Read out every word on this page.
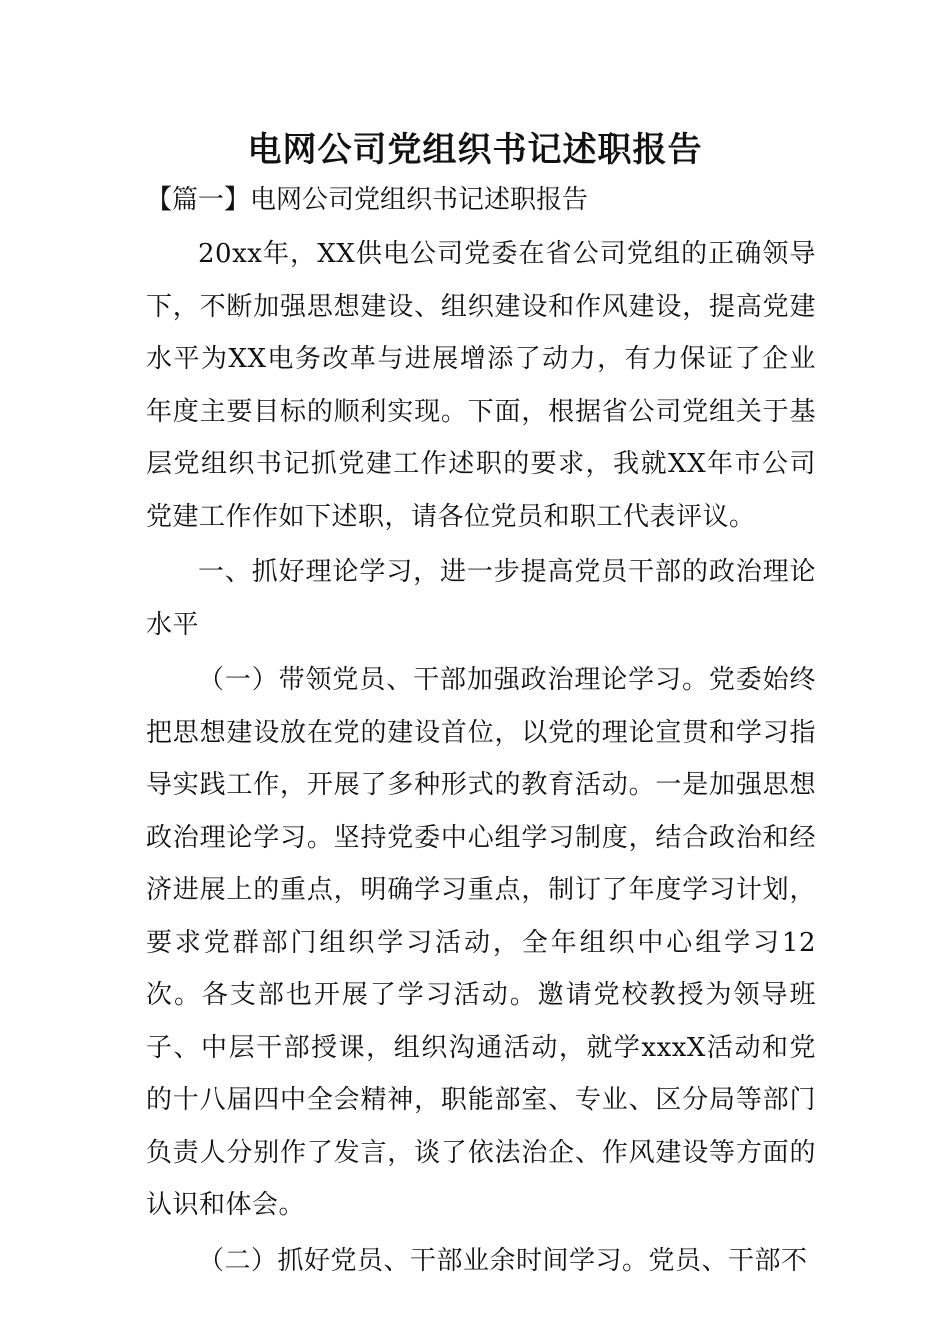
电网公司党组织书记述职报告

【篇一】电网公司党组织书记述职报告

20xx年，XX供电公司党委在省公司党组的正确领导下，不断加强思想建设、组织建设和作风建设，提高党建水平为XX电务改革与进展增添了动力，有力保证了企业年度主要目标的顺利实现。下面，根据省公司党组关于基层党组织书记抓党建工作述职的要求，我就XX年市公司党建工作作如下述职，请各位党员和职工代表评议。

一、抓好理论学习，进一步提高党员干部的政治理论水平

（一）带领党员、干部加强政治理论学习。党委始终把思想建设放在党的建设首位，以党的理论宣贯和学习指导实践工作，开展了多种形式的教育活动。一是加强思想政治理论学习。坚持党委中心组学习制度，结合政治和经济进展上的重点，明确学习重点，制订了年度学习计划，要求党群部门组织学习活动，全年组织中心组学习12次。各支部也开展了学习活动。邀请党校教授为领导班子、中层干部授课，组织沟通活动，就学xxxX活动和党的十八届四中全会精神，职能部室、专业、区分局等部门负责人分别作了发言，谈了依法治企、作风建设等方面的认识和体会。

（二）抓好党员、干部业余时间学习。党员、干部不
